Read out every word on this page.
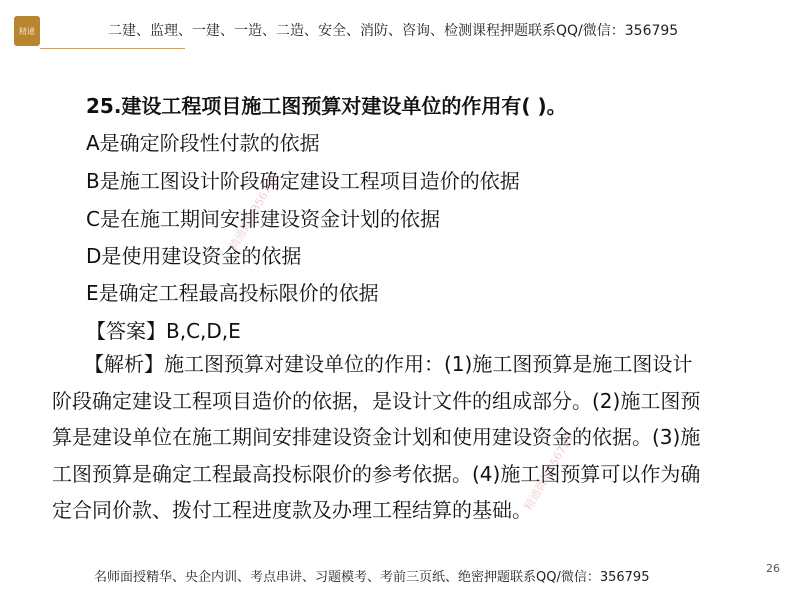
精通	二建、监理、一建、一造、二造、安全、消防、咨询、检测课程押题联系QQ/微信：356795
25.建设工程项目施工图预算对建设单位的作用有( )。
A是确定阶段性付款的依据
B是施工图设计阶段确定建设工程项目造价的依据
C是在施工期间安排建设资金计划的依据
D是使用建设资金的依据
E是确定工程最高投标限价的依据
【答案】B,C,D,E
【解析】施工图预算对建设单位的作用：(1)施工图预算是施工图设计
阶段确定建设工程项目造价的依据，是设计文件的组成部分。(2)施工图预
算是建设单位在施工期间安排建设资金计划和使用建设资金的依据。(3)施
工图预算是确定工程最高投标限价的参考依据。(4)施工图预算可以作为确
定合同价款、拨付工程进度款及办理工程结算的基础。
精通微信356795
精通微信356795
26
名师面授精华、央企内训、考点串讲、习题模考、考前三页纸、绝密押题联系QQ/微信：356795
